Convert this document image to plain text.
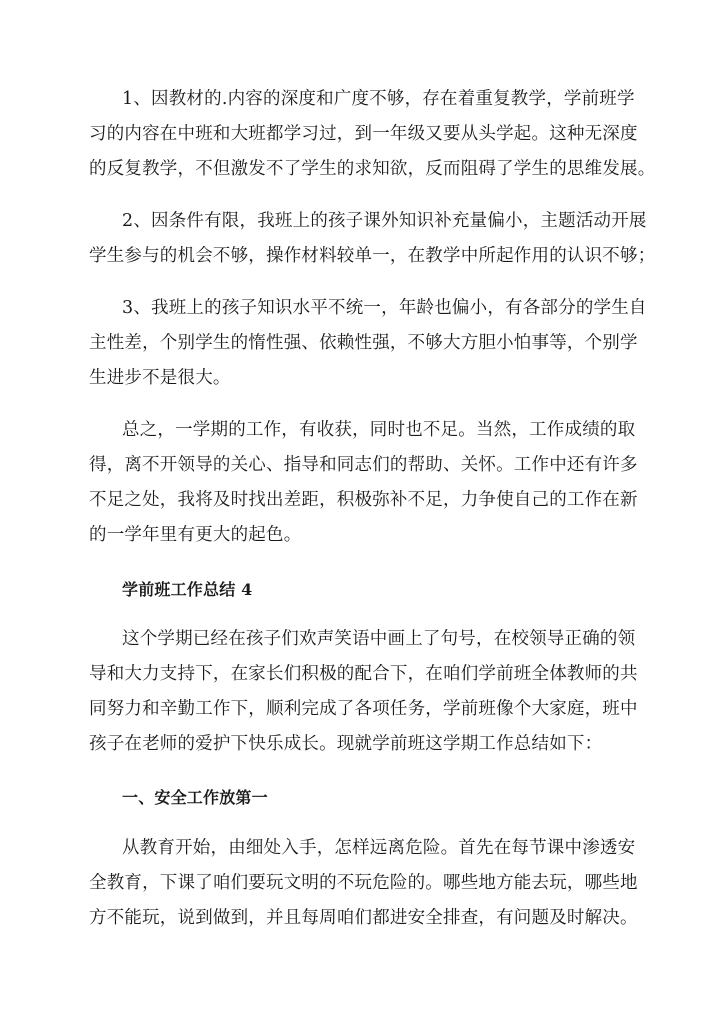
1、因教材的.内容的深度和广度不够，存在着重复教学，学前班学
习的内容在中班和大班都学习过，到一年级又要从头学起。这种无深度
的反复教学，不但激发不了学生的求知欲，反而阻碍了学生的思维发展。
2、因条件有限，我班上的孩子课外知识补充量偏小，主题活动开展
学生参与的机会不够，操作材料较单一，在教学中所起作用的认识不够；
3、我班上的孩子知识水平不统一，年龄也偏小，有各部分的学生自
主性差，个别学生的惰性强、依赖性强，不够大方胆小怕事等，个别学
生进步不是很大。
总之，一学期的工作，有收获，同时也不足。当然，工作成绩的取
得，离不开领导的关心、指导和同志们的帮助、关怀。工作中还有许多
不足之处，我将及时找出差距，积极弥补不足，力争使自己的工作在新
的一学年里有更大的起色。
学前班工作总结 4
这个学期已经在孩子们欢声笑语中画上了句号，在校领导正确的领
导和大力支持下，在家长们积极的配合下，在咱们学前班全体教师的共
同努力和辛勤工作下，顺利完成了各项任务，学前班像个大家庭，班中
孩子在老师的爱护下快乐成长。现就学前班这学期工作总结如下：
一、安全工作放第一
从教育开始，由细处入手，怎样远离危险。首先在每节课中渗透安
全教育，下课了咱们要玩文明的不玩危险的。哪些地方能去玩，哪些地
方不能玩，说到做到，并且每周咱们都进安全排查，有问题及时解决。
